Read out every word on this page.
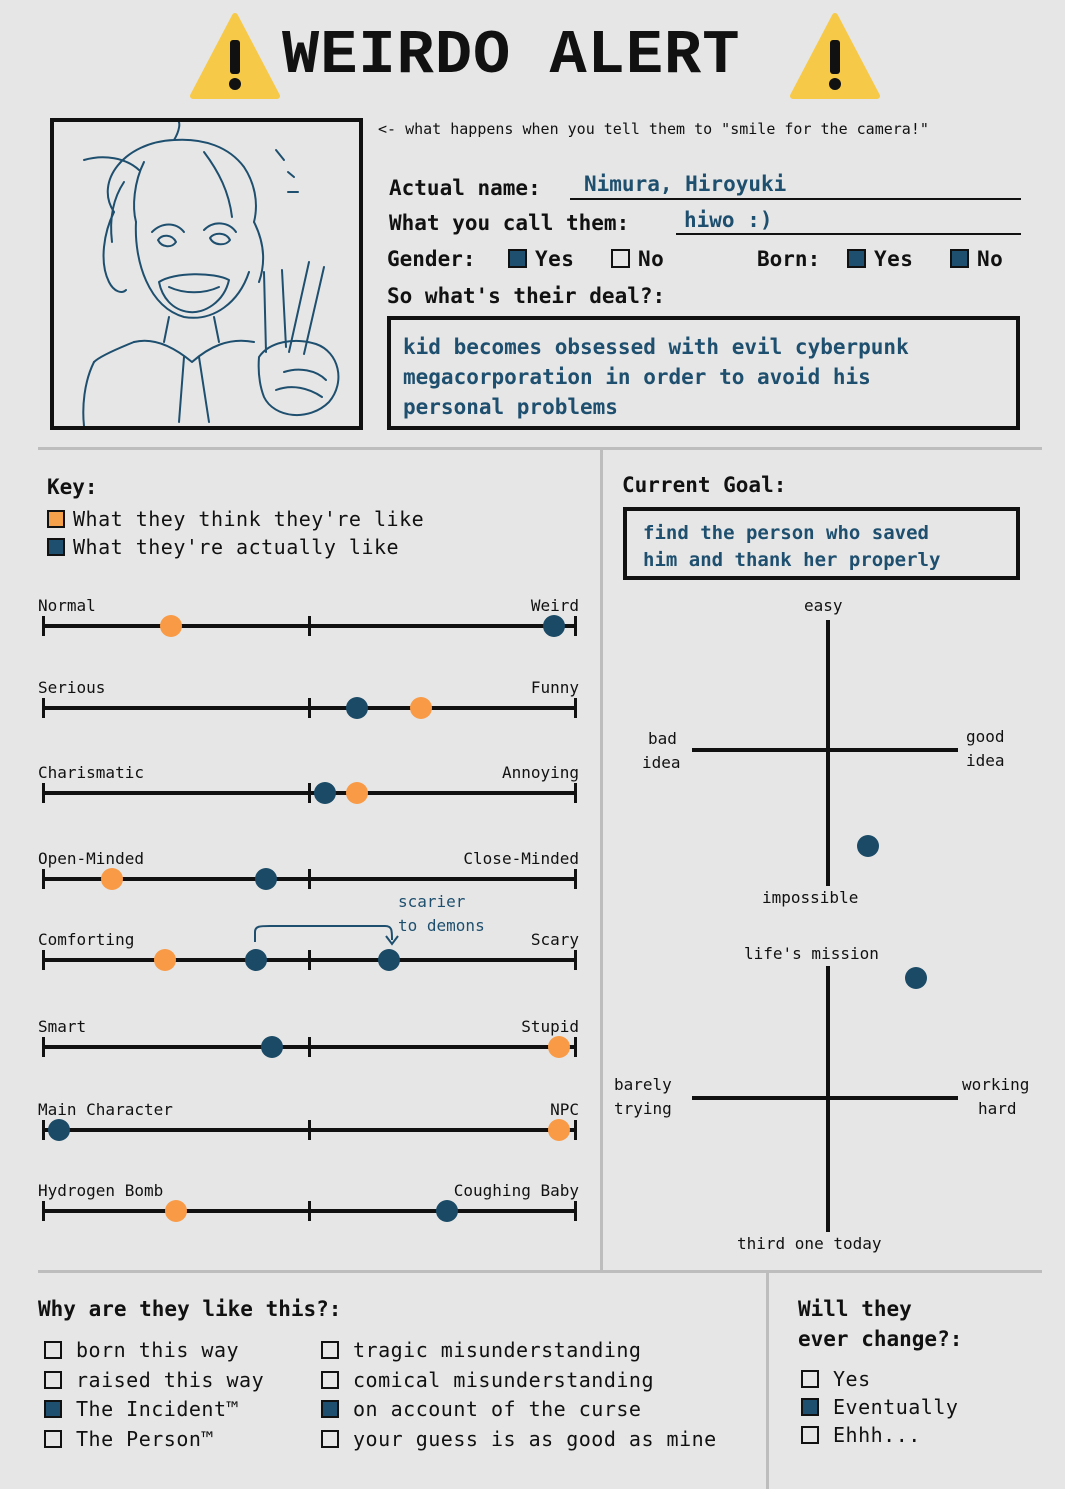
WEIRDO ALERT
<- what happens when you tell them to "smile for the camera!"
Actual name: Nimura, Hiroyuki
What you call them:	hiwo :)
Gender:	Yes	No	Born:	Yes	No
So what's their deal?:
kid becomes obsessed with evil cyberpunk
megacorporation in order to avoid his
personal problems
Key:
What they think they're like
What they're actually like
Normal	Weird
Serious	Funny
Charismatic	Annoying
Open-Minded	Close-Minded
Comforting	Scary
Smart	Stupid
Main Character	NPC
Hydrogen Bomb	Coughing Baby
scarier
to demons
Current Goal:
find the person who saved
him and thank her properly
easy
impossible
bad
idea
good
idea
life's mission
third one today
barely
trying
working
hard
Why are they like this?:
born this way
raised this way
The Incident™
The Person™
tragic misunderstanding
comical misunderstanding
on account of the curse
your guess is as good as mine
Will they
ever change?:
Yes
Eventually
Ehhh...
